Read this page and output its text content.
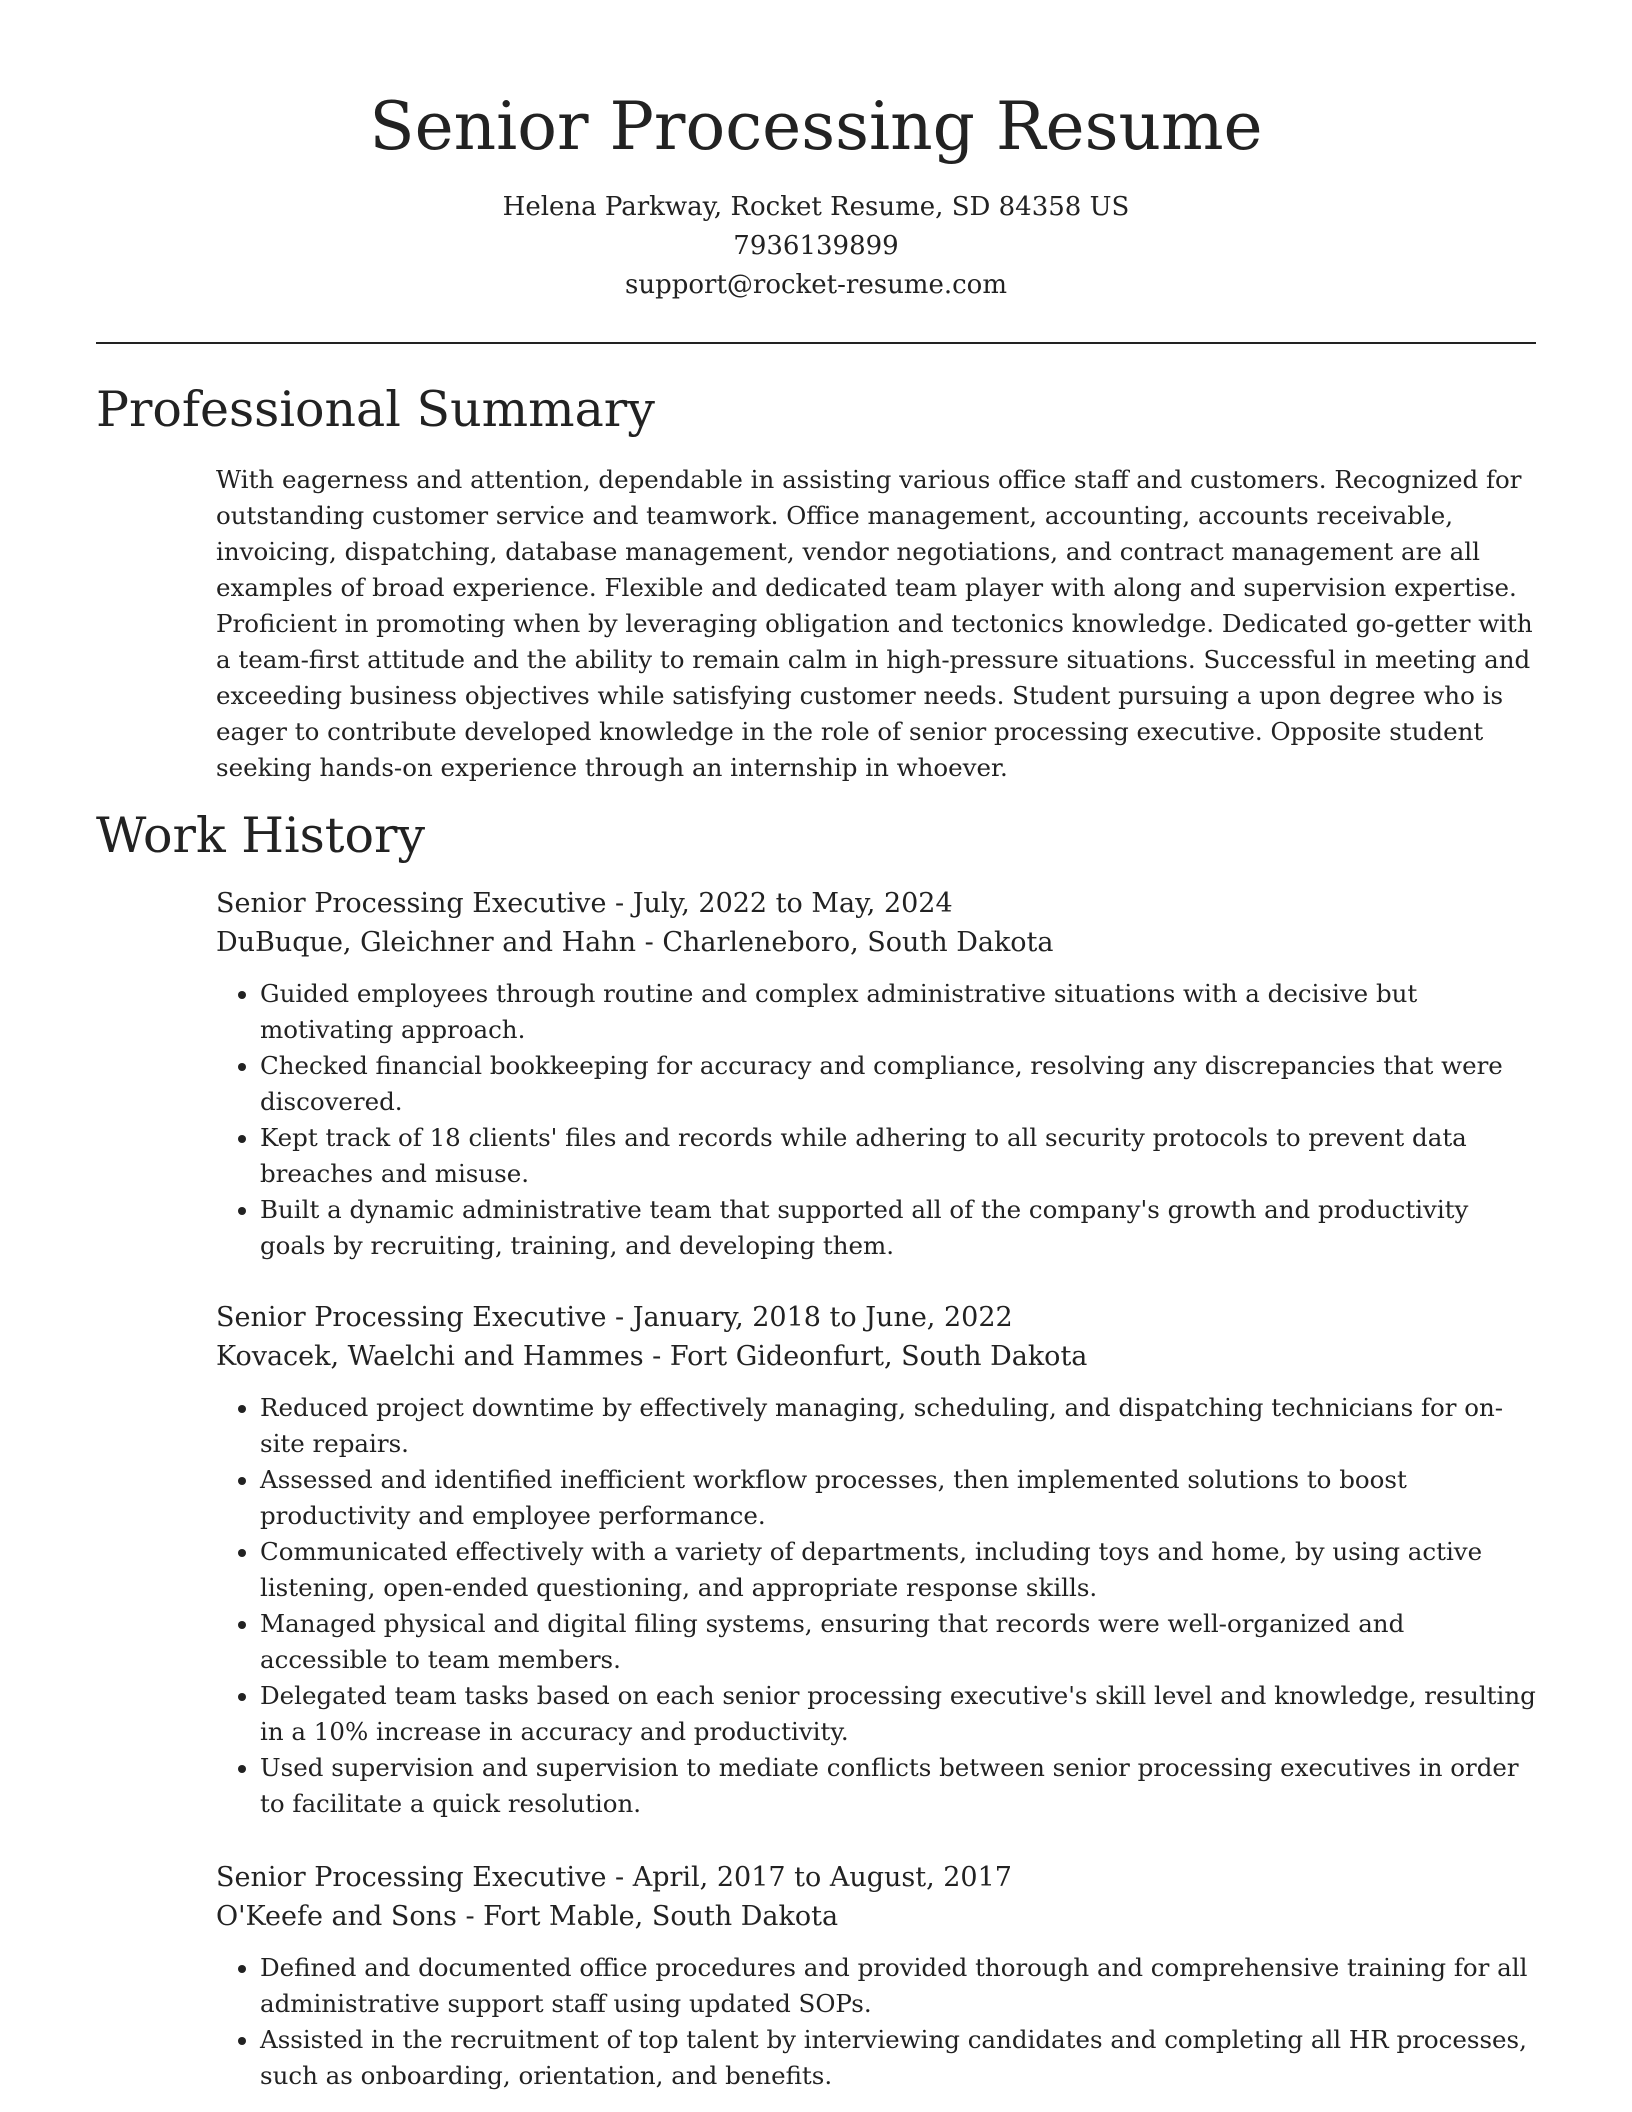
Senior Processing Resume
Helena Parkway, Rocket Resume, SD 84358 US
7936139899
support@rocket-resume.com
Professional Summary

With eagerness and attention, dependable in assisting various office staff and customers. Recognized for outstanding customer service and teamwork. Office management, accounting, accounts receivable, invoicing, dispatching, database management, vendor negotiations, and contract management are all examples of broad experience. Flexible and dedicated team player with along and supervision expertise. Proficient in promoting when by leveraging obligation and tectonics knowledge. Dedicated go-getter with a team-first attitude and the ability to remain calm in high-pressure situations. Successful in meeting and exceeding business objectives while satisfying customer needs. Student pursuing a upon degree who is eager to contribute developed knowledge in the role of senior processing executive. Opposite student seeking hands-on experience through an internship in whoever.

Work History
Senior Processing Executive - July, 2022 to May, 2024
DuBuque, Gleichner and Hahn - Charleneboro, South Dakota
• Guided employees through routine and complex administrative situations with a decisive but motivating approach.
• Checked financial bookkeeping for accuracy and compliance, resolving any discrepancies that were discovered.
• Kept track of 18 clients' files and records while adhering to all security protocols to prevent data breaches and misuse.
• Built a dynamic administrative team that supported all of the company's growth and productivity goals by recruiting, training, and developing them.
Senior Processing Executive - January, 2018 to June, 2022
Kovacek, Waelchi and Hammes - Fort Gideonfurt, South Dakota
• Reduced project downtime by effectively managing, scheduling, and dispatching technicians for on-site repairs.
• Assessed and identified inefficient workflow processes, then implemented solutions to boost productivity and employee performance.
• Communicated effectively with a variety of departments, including toys and home, by using active listening, open-ended questioning, and appropriate response skills.
• Managed physical and digital filing systems, ensuring that records were well-organized and accessible to team members.
• Delegated team tasks based on each senior processing executive's skill level and knowledge, resulting in a 10% increase in accuracy and productivity.
• Used supervision and supervision to mediate conflicts between senior processing executives in order to facilitate a quick resolution.
Senior Processing Executive - April, 2017 to August, 2017
O'Keefe and Sons - Fort Mable, South Dakota
• Defined and documented office procedures and provided thorough and comprehensive training for all administrative support staff using updated SOPs.
• Assisted in the recruitment of top talent by interviewing candidates and completing all HR processes, such as onboarding, orientation, and benefits.
